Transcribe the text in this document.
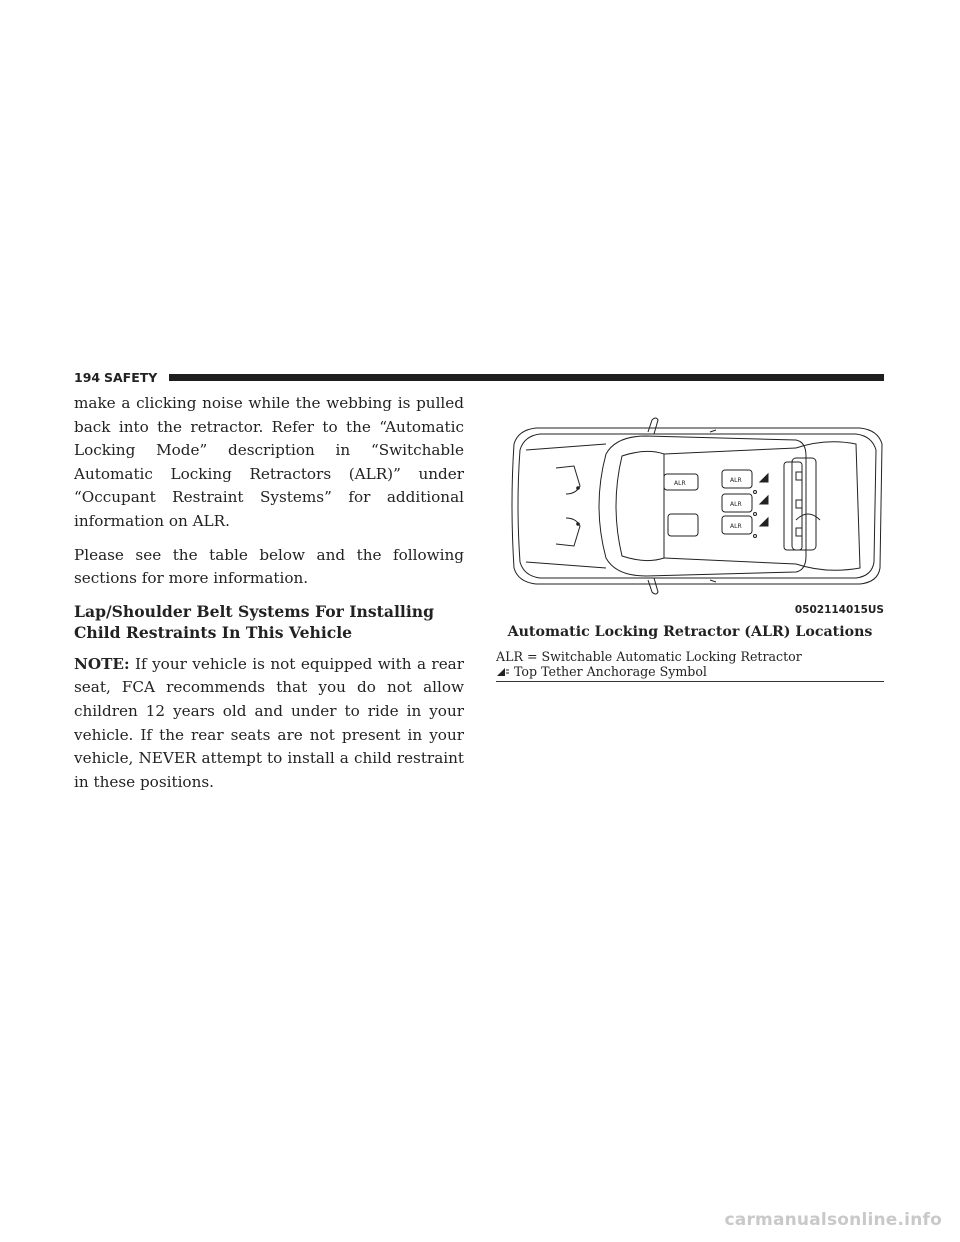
194 SAFETY

make a clicking noise while the webbing is pulled back into the retractor. Refer to the “Automatic Locking Mode” description in “Switchable Automatic Locking Retractors (ALR)” under “Occupant Restraint Systems” for additional information on ALR.

Please see the table below and the following sections for more information.

Lap/Shoulder Belt Systems For Installing Child Restraints In This Vehicle

NOTE: If your vehicle is not equipped with a rear seat, FCA recommends that you do not allow children 12 years old and under to ride in your vehicle. If the rear seats are not present in your vehicle, NEVER attempt to install a child restraint in these positions.

ALR	ALR
ALR
ALR
0502114015US
Automatic Locking Retractor (ALR) Locations
ALR = Switchable Automatic Locking Retractor
Top Tether Anchorage Symbol
carmanualsonline.info
